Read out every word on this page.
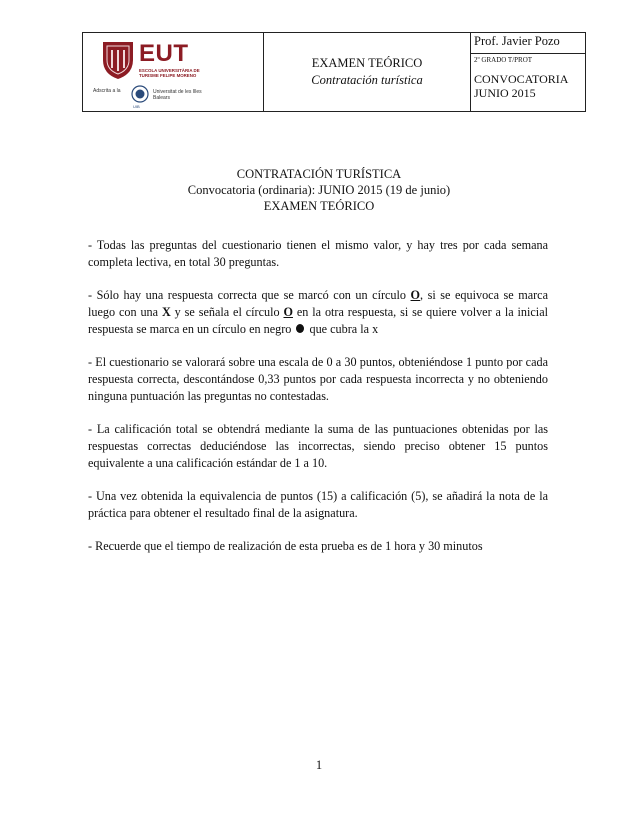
EUT
ESCOLA UNIVERSITÀRIA DE TURISME FELIPE MORENO
Adscrita a la
UIB
Universitat de les Illes Balears

EXAMEN TEÓRICO
Contratación turística
	Prof. Javier Pozo

2º GRADO T/PROT
CONVOCATORIA JUNIO 2015
CONTRATACIÓN TURÍSTICA
Convocatoria (ordinaria): JUNIO 2015 (19 de junio)
EXAMEN TEÓRICO

- Todas las preguntas del cuestionario tienen el mismo valor, y hay tres por cada semana completa lectiva, en total 30 preguntas.

- Sólo hay una respuesta correcta que se marcó con un círculo O, si se equivoca se marca luego con una X y se señala el círculo O en la otra respuesta, si se quiere volver a la inicial respuesta se marca en un círculo en negro  que cubra la x

- El cuestionario se valorará sobre una escala de 0 a 30 puntos, obteniéndose 1 punto por cada respuesta correcta, descontándose 0,33 puntos por cada respuesta incorrecta y no obteniendo ninguna puntuación las preguntas no contestadas.

- La calificación total se obtendrá mediante la suma de las puntuaciones obtenidas por las respuestas correctas deduciéndose las incorrectas, siendo preciso obtener 15 puntos equivalente a una calificación estándar de 1 a 10.

- Una vez obtenida la equivalencia de puntos (15) a calificación (5), se añadirá la nota de la práctica para obtener el resultado final de la asignatura.

- Recuerde que el tiempo de realización de esta prueba es de 1 hora y 30 minutos

1
